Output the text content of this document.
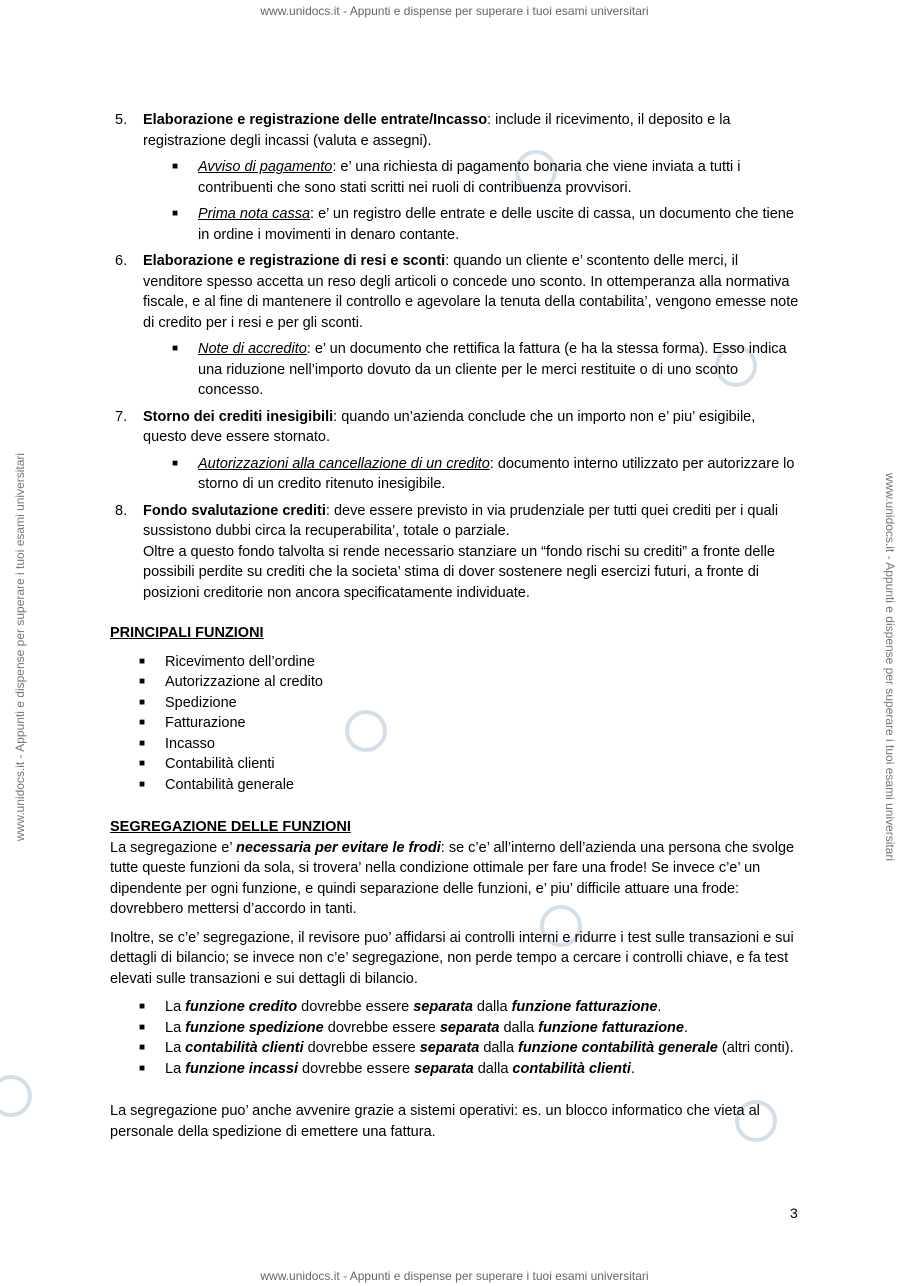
www.unidocs.it - Appunti e dispense per superare i tuoi esami universitari
www.unidocs.it - Appunti e dispense per superare i tuoi esami universitari
www.unidocs.it - Appunti e dispense per superare i tuoi esami universitari	www.unidocs.it - Appunti e dispense per superare i tuoi esami universitari
5. Elaborazione e registrazione delle entrate/Incasso: include il ricevimento, il deposito e la registrazione degli incassi (valuta e assegni).
■ Avviso di pagamento: e’ una richiesta di pagamento bonaria che viene inviata a tutti i contribuenti che sono stati scritti nei ruoli di contribuenza provvisori.
■ Prima nota cassa: e’ un registro delle entrate e delle uscite di cassa, un documento che tiene in ordine i movimenti in denaro contante.
6. Elaborazione e registrazione di resi e sconti: quando un cliente e’ scontento delle merci, il venditore spesso accetta un reso degli articoli o concede uno sconto. In ottemperanza alla normativa fiscale, e al fine di mantenere il controllo e agevolare la tenuta della contabilita’, vengono emesse note di credito per i resi e per gli sconti.
■ Note di accredito: e’ un documento che rettifica la fattura (e ha la stessa forma). Esso indica una riduzione nell’importo dovuto da un cliente per le merci restituite o di uno sconto concesso.
7. Storno dei crediti inesigibili: quando un’azienda conclude che un importo non e’ piu’ esigibile, questo deve essere stornato.
■ Autorizzazioni alla cancellazione di un credito: documento interno utilizzato per autorizzare lo storno di un credito ritenuto inesigibile.
8. Fondo svalutazione crediti: deve essere previsto in via prudenziale per tutti quei crediti per i quali sussistono dubbi circa la recuperabilita’, totale o parziale.
Oltre a questo fondo talvolta si rende necessario stanziare un “fondo rischi su crediti” a fronte delle possibili perdite su crediti che la societa’ stima di dover sostenere negli esercizi futuri, a fronte di posizioni creditorie non ancora specificatamente individuate.
PRINCIPALI FUNZIONI
■ Ricevimento dell’ordine
■ Autorizzazione al credito
■ Spedizione
■ Fatturazione
■ Incasso
■ Contabilità clienti
■ Contabilità generale
SEGREGAZIONE DELLE FUNZIONI

La segregazione e’ necessaria per evitare le frodi: se c’e’ all’interno dell’azienda una persona che svolge tutte queste funzioni da sola, si trovera’ nella condizione ottimale per fare una frode! Se invece c’e’ un dipendente per ogni funzione, e quindi separazione delle funzioni, e’ piu’ difficile attuare una frode: dovrebbero mettersi d’accordo in tanti.

Inoltre, se c’e’ segregazione, il revisore puo’ affidarsi ai controlli interni e ridurre i test sulle transazioni e sui dettagli di bilancio; se invece non c’e’ segregazione, non perde tempo a cercare i controlli chiave, e fa test elevati sulle transazioni e sui dettagli di bilancio.

■ La funzione credito dovrebbe essere separata dalla funzione fatturazione.
■ La funzione spedizione dovrebbe essere separata dalla funzione fatturazione.
■ La contabilità clienti dovrebbe essere separata dalla funzione contabilità generale (altri conti).
■ La funzione incassi dovrebbe essere separata dalla contabilità clienti.

La segregazione puo’ anche avvenire grazie a sistemi operativi: es. un blocco informatico che vieta al personale della spedizione di emettere una fattura.

3
